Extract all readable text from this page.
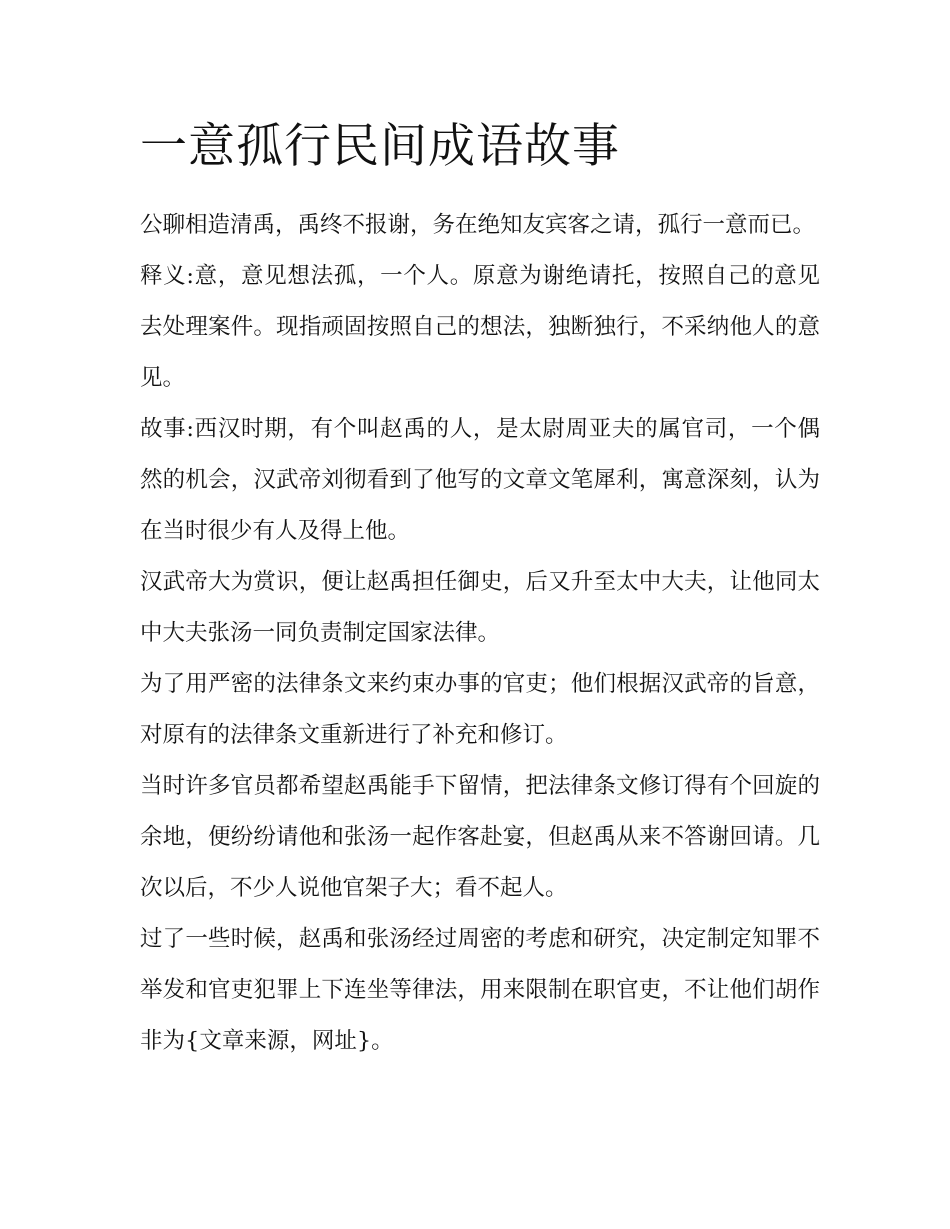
一意孤行民间成语故事

公聊相造清禹，禹终不报谢，务在绝知友宾客之请，孤行一意而已。

释义:意，意见想法孤，一个人。原意为谢绝请托，按照自己的意见去处理案件。现指顽固按照自己的想法，独断独行，不采纳他人的意见。

故事:西汉时期，有个叫赵禹的人，是太尉周亚夫的属官司，一个偶然的机会，汉武帝刘彻看到了他写的文章文笔犀利，寓意深刻，认为在当时很少有人及得上他。

汉武帝大为赏识，便让赵禹担任御史，后又升至太中大夫，让他同太中大夫张汤一同负责制定国家法律。

为了用严密的法律条文来约束办事的官吏；他们根据汉武帝的旨意，对原有的法律条文重新进行了补充和修订。

当时许多官员都希望赵禹能手下留情，把法律条文修订得有个回旋的余地，便纷纷请他和张汤一起作客赴宴，但赵禹从来不答谢回请。几次以后，不少人说他官架子大；看不起人。

过了一些时候，赵禹和张汤经过周密的考虑和研究，决定制定知罪不举发和官吏犯罪上下连坐等律法，用来限制在职官吏，不让他们胡作非为{文章来源，网址}。
